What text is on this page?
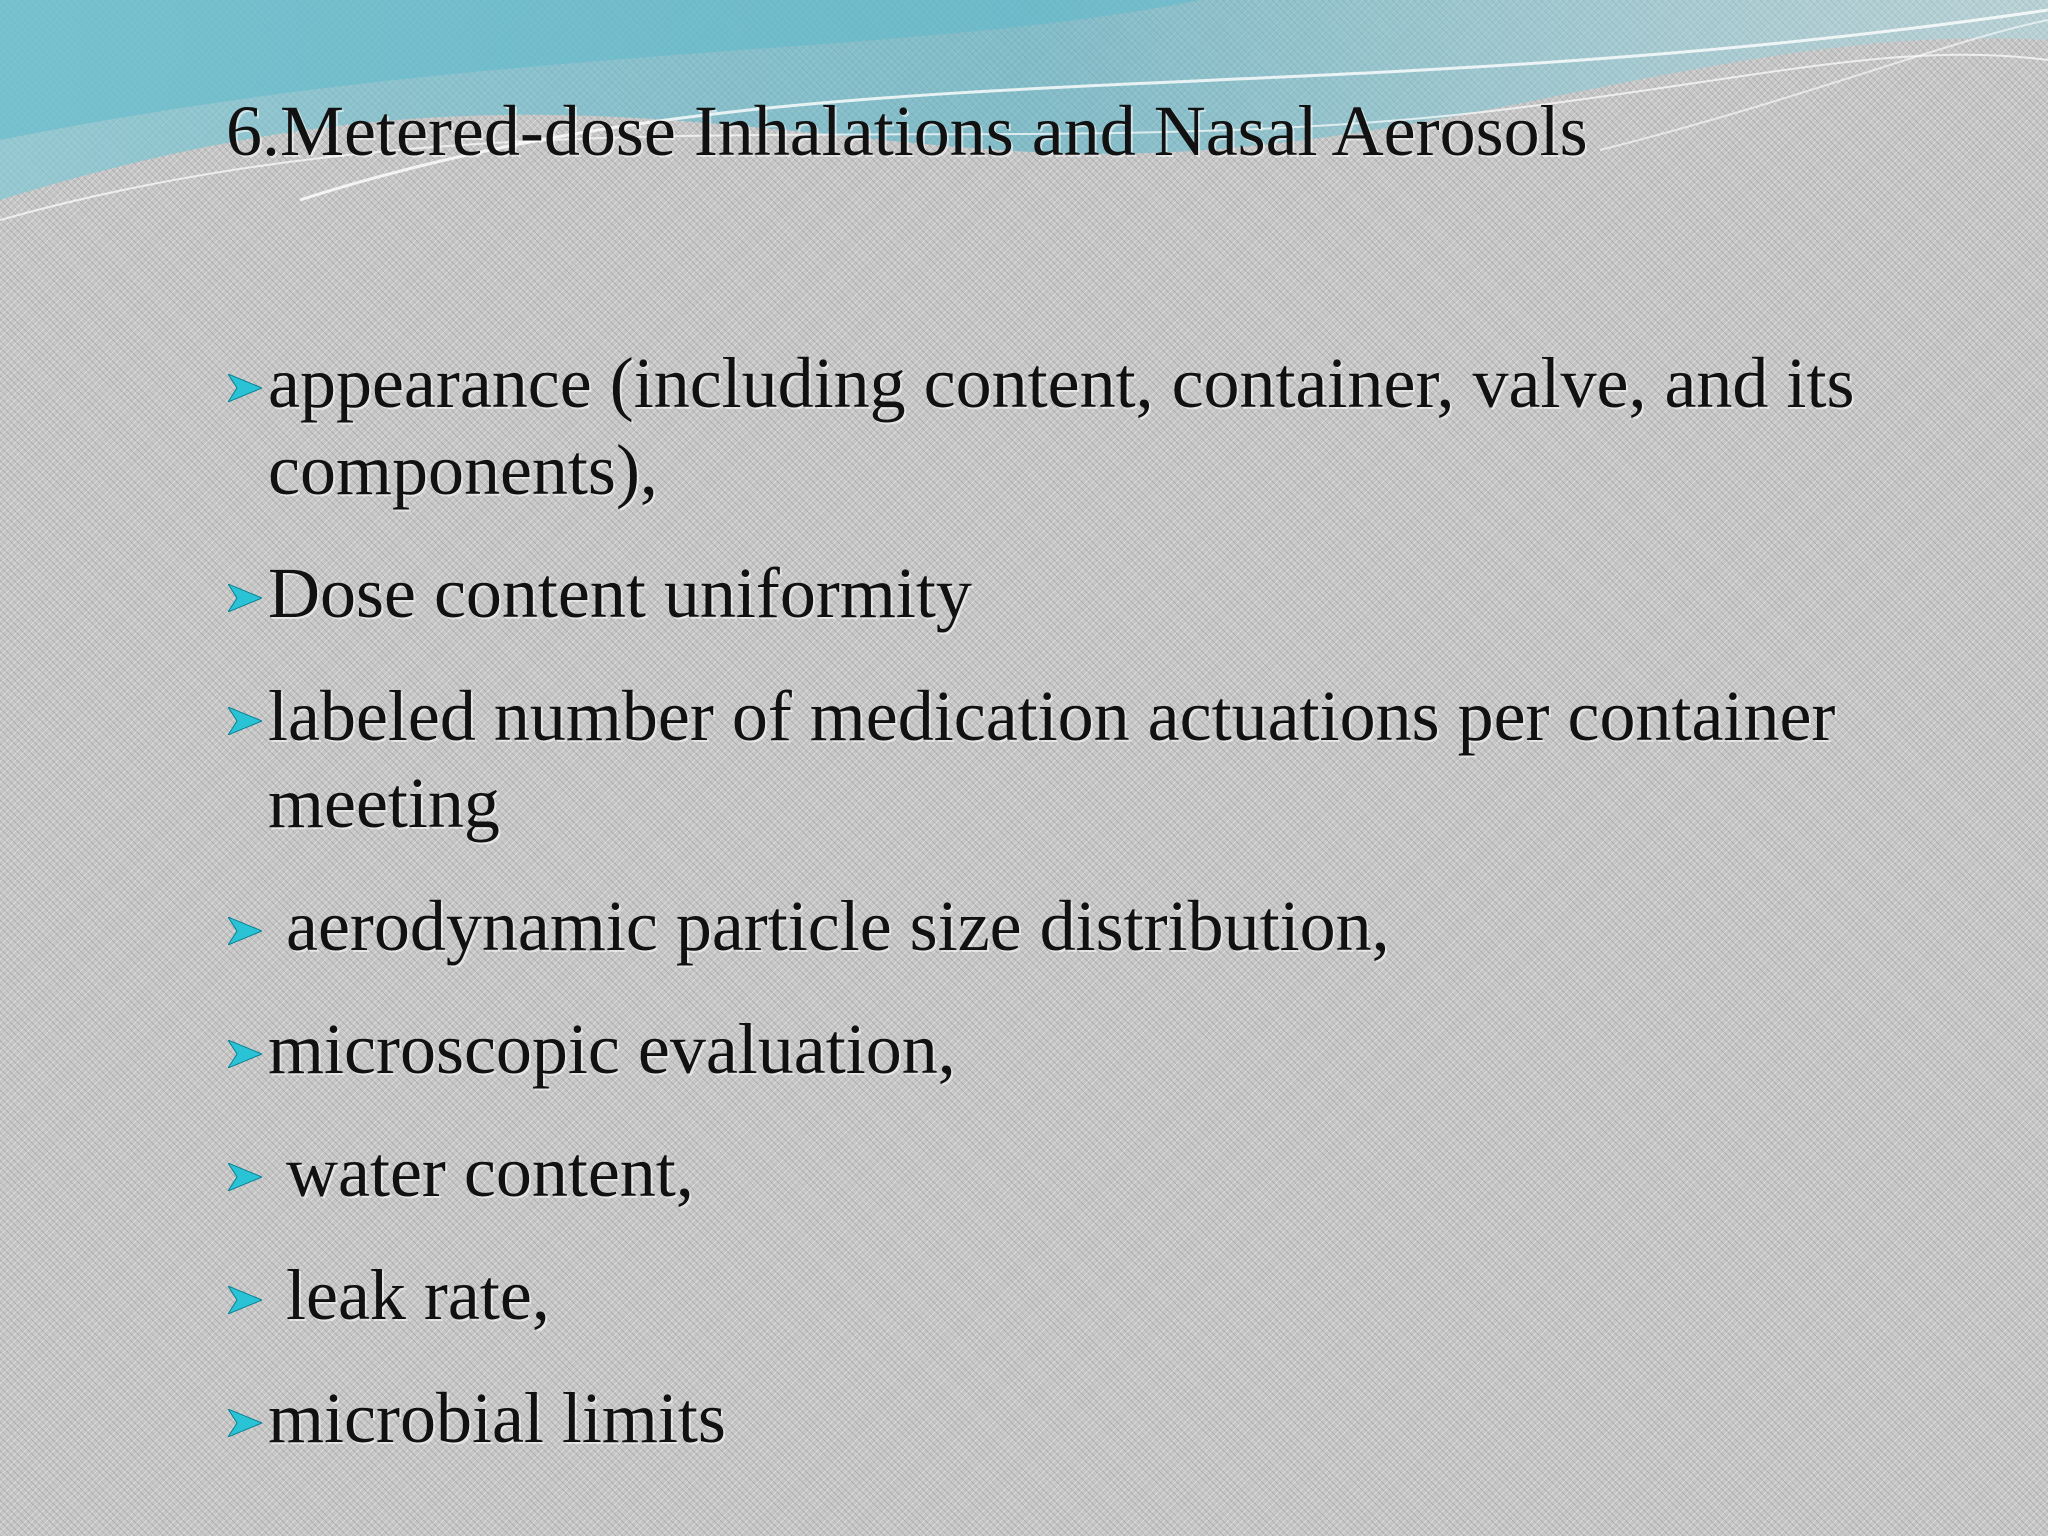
6.Metered-dose Inhalations and Nasal Aerosols
appearance (including content, container, valve, and its components),
Dose content uniformity
labeled number of medication actuations per container meeting
aerodynamic particle size distribution,
microscopic evaluation,
water content,
leak rate,
microbial limits
